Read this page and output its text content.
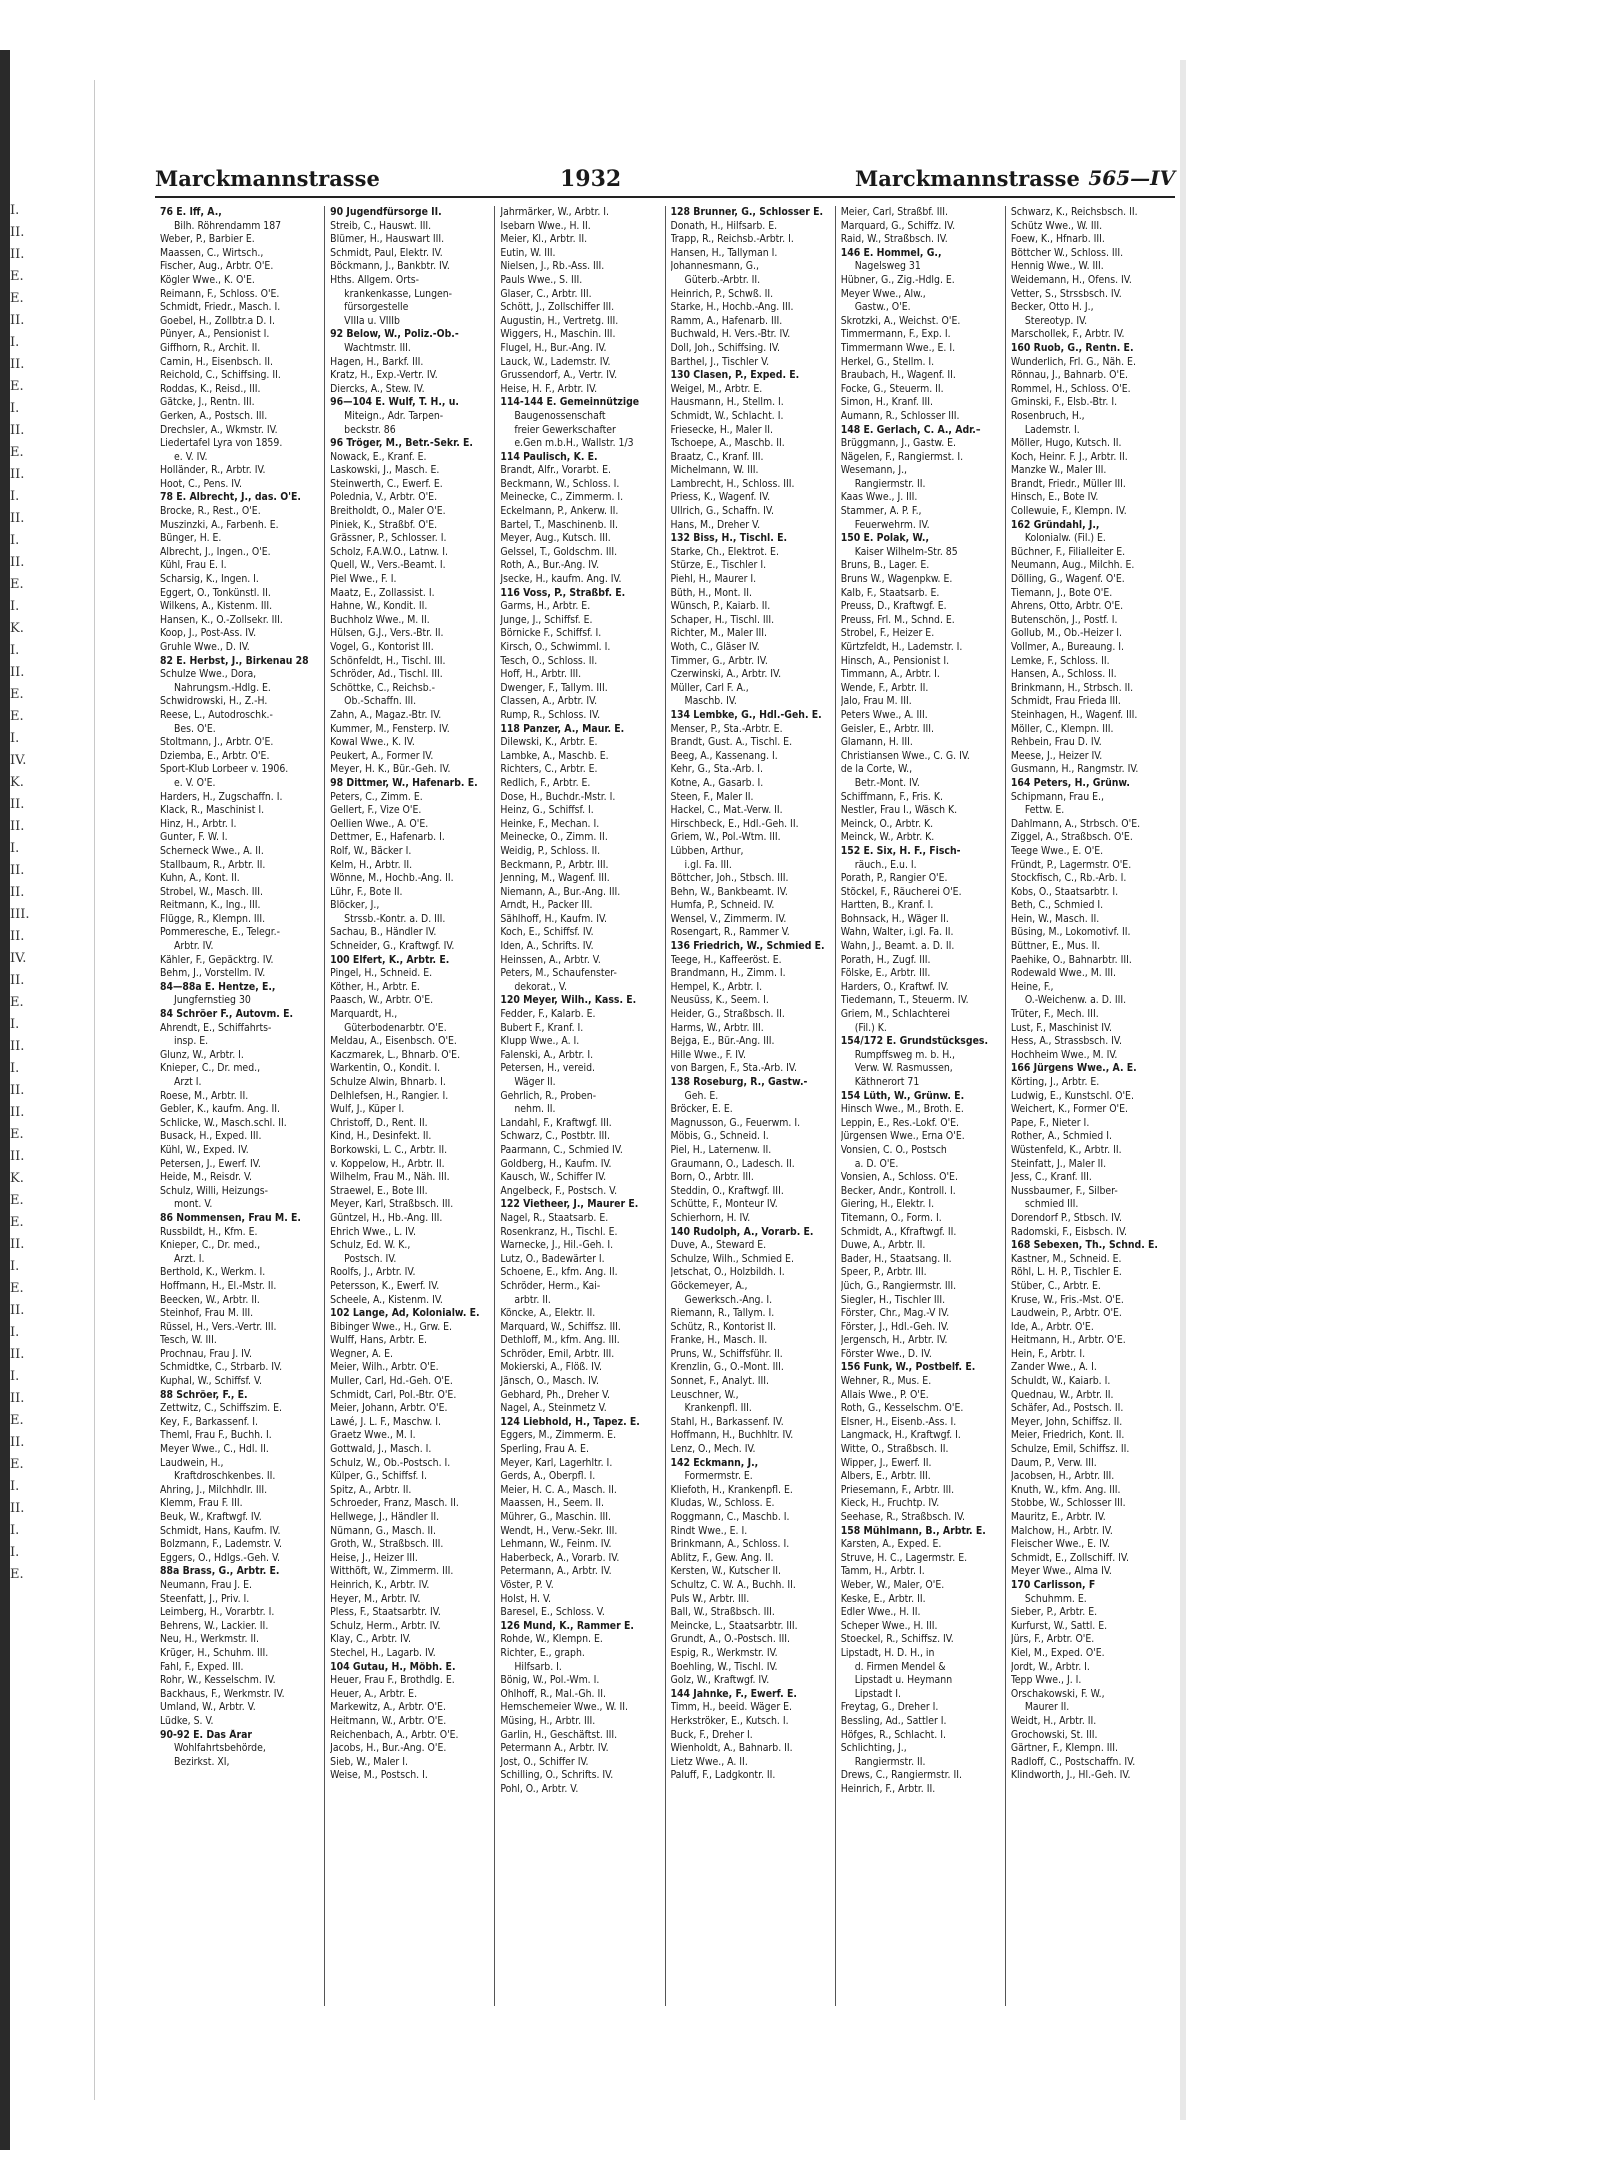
I.
II.
II.
E.
E.
II.
I.
II.
E.
I.
II.
E.
II.
I.
II.
I.
II.
E.
I.
K.
I.
II.
E.
E.
I.
IV.
K.
II.
II.
I.
II.
II.
III.
II.
IV.
II.
E.
I.
II.
I.
II.
II.
E.
II.
K.
E.
E.
II.
I.
E.
II.
I.
II.
I.
II.
E.
II.
E.
I.
II.
I.
I.
E.
Marckmannstrasse	1932	Marckmannstrasse 565—IV
76 E. Iff, A.,
Bilh. Röhrendamm 187
Weber, P., Barbier E.
Maassen, C., Wirtsch.,
Fischer, Aug., Arbtr. O'E.
Kögler Wwe., K. O'E.
Reimann, F., Schloss. O'E.
Schmidt, Friedr., Masch. I.
Goebel, H., Zollbtr.a D. I.
Pünyer, A., Pensionist I.
Giffhorn, R., Archit. II.
Camin, H., Eisenbsch. II.
Reichold, C., Schiffsing. II.
Roddas, K., Reisd., III.
Gätcke, J., Rentn. III.
Gerken, A., Postsch. III.
Drechsler, A., Wkmstr. IV.
Liedertafel Lyra von 1859.
e. V. IV.
Holländer, R., Arbtr. IV.
Hoot, C., Pens. IV.
78 E. Albrecht, J., das. O'E.
Brocke, R., Rest., O'E.
Muszinzki, A., Farbenh. E.
Bünger, H. E.
Albrecht, J., Ingen., O'E.
Kühl, Frau E. I.
Scharsig, K., Ingen. I.
Eggert, O., Tonkünstl. II.
Wilkens, A., Kistenm. III.
Hansen, K., O.-Zollsekr. III.
Koop, J., Post-Ass. IV.
Gruhle Wwe., D. IV.
82 E. Herbst, J., Birkenau 28
Schulze Wwe., Dora,
Nahrungsm.-Hdlg. E.
Schwidrowski, H., Z.-H.
Reese, L., Autodroschk.-
Bes. O'E.
Stoltmann, J., Arbtr. O'E.
Dziemba, E., Arbtr. O'E.
Sport-Klub Lorbeer v. 1906.
e. V. O'E.
Harders, H., Zugschaffn. I.
Klack, R., Maschinist I.
Hinz, H., Arbtr. I.
Gunter, F. W. I.
Scherneck Wwe., A. II.
Stallbaum, R., Arbtr. II.
Kuhn, A., Kont. II.
Strobel, W., Masch. III.
Reitmann, K., Ing., III.
Flügge, R., Klempn. III.
Pommeresche, E., Telegr.-
Arbtr. IV.
Kähler, F., Gepäcktrg. IV.
Behm, J., Vorstellm. IV.
84—88a E. Hentze, E.,
Jungfernstieg 30
84 Schröer F., Autovm. E.
Ahrendt, E., Schiffahrts-
insp. E.
Glunz, W., Arbtr. I.
Knieper, C., Dr. med.,
Arzt I.
Roese, M., Arbtr. II.
Gebler, K., kaufm. Ang. II.
Schlicke, W., Masch.schl. II.
Busack, H., Exped. III.
Kühl, W., Exped. IV.
Petersen, J., Ewerf. IV.
Heide, M., Reisdr. V.
Schulz, Willi, Heizungs-
mont. V.
86 Nommensen, Frau M. E.
Russbildt, H., Kfm. E.
Knieper, C., Dr. med.,
Arzt. I.
Berthold, K., Werkm. I.
Hoffmann, H., El.-Mstr. II.
Beecken, W., Arbtr. II.
Steinhof, Frau M. III.
Rüssel, H., Vers.-Vertr. III.
Tesch, W. III.
Prochnau, Frau J. IV.
Schmidtke, C., Strbarb. IV.
Kuphal, W., Schiffsf. V.
88 Schröer, F., E.
Zettwitz, C., Schiffszim. E.
Key, F., Barkassenf. I.
Theml, Frau F., Buchh. I.
Meyer Wwe., C., Hdl. II.
Laudwein, H.,
Kraftdroschkenbes. II.
Ahring, J., Milchhdlr. III.
Klemm, Frau F. III.
Beuk, W., Kraftwgf. IV.
Schmidt, Hans, Kaufm. IV.
Bolzmann, F., Lademstr. V.
Eggers, O., Hdlgs.-Geh. V.
88a Brass, G., Arbtr. E.
Neumann, Frau J. E.
Steenfatt, J., Priv. I.
Leimberg, H., Vorarbtr. I.
Behrens, W., Lackier. II.
Neu, H., Werkmstr. II.
Krüger, H., Schuhm. III.
Fahl, F., Exped. III.
Rohr, W., Kesselschm. IV.
Backhaus, F., Werkmstr. IV.
Umland, W., Arbtr. V.
Lüdke, S. V.
90-92 E. Das Ärar
Wohlfahrtsbehörde,
Bezirkst. XI,
90 Jugendfürsorge II.
Streib, C., Hauswt. III.
Blümer, H., Hauswart III.
Schmidt, Paul, Elektr. IV.
Böckmann, J., Bankbtr. IV.
Hths. Allgem. Orts-
krankenkasse, Lungen-
fürsorgestelle
VIIIa u. VIIIb
92 Below, W., Poliz.-Ob.-
Wachtmstr. III.
Hagen, H., Barkf. III.
Kratz, H., Exp.-Vertr. IV.
Diercks, A., Stew. IV.
96—104 E. Wulf, T. H., u.
Miteign., Adr. Tarpen-
beckstr. 86
96 Tröger, M., Betr.-Sekr. E.
Nowack, E., Kranf. E.
Laskowski, J., Masch. E.
Steinwerth, C., Ewerf. E.
Polednia, V., Arbtr. O'E.
Breitholdt, O., Maler O'E.
Piniek, K., Straßbf. O'E.
Grässner, P., Schlosser. I.
Scholz, F.A.W.O., Latnw. I.
Quell, W., Vers.-Beamt. I.
Piel Wwe., F. I.
Maatz, E., Zollassist. I.
Hahne, W., Kondit. II.
Buchholz Wwe., M. II.
Hülsen, G.J., Vers.-Btr. II.
Vogel, G., Kontorist III.
Schönfeldt, H., Tischl. III.
Schröder, Ad., Tischl. III.
Schöttke, C., Reichsb.-
Ob.-Schaffn. III.
Zahn, A., Magaz.-Btr. IV.
Kummer, M., Fensterp. IV.
Kowal Wwe., K. IV.
Peukert, A., Former IV.
Meyer, H. K., Bür.-Geh. IV.
98 Dittmer, W., Hafenarb. E.
Peters, C., Zimm. E.
Gellert, F., Vize O'E.
Oellien Wwe., A. O'E.
Dettmer, E., Hafenarb. I.
Rolf, W., Bäcker I.
Kelm, H., Arbtr. II.
Wönne, M., Hochb.-Ang. II.
Lühr, F., Bote II.
Blöcker, J.,
Strssb.-Kontr. a. D. III.
Sachau, B., Händler IV.
Schneider, G., Kraftwgf. IV.
100 Elfert, K., Arbtr. E.
Pingel, H., Schneid. E.
Köther, H., Arbtr. E.
Paasch, W., Arbtr. O'E.
Marquardt, H.,
Güterbodenarbtr. O'E.
Meldau, A., Eisenbsch. O'E.
Kaczmarek, L., Bhnarb. O'E.
Warkentin, O., Kondit. I.
Schulze Alwin, Bhnarb. I.
Delhlefsen, H., Rangier. I.
Wulf, J., Küper I.
Christoff, D., Rent. II.
Kind, H., Desinfekt. II.
Borkowski, L. C., Arbtr. II.
v. Koppelow, H., Arbtr. II.
Wilhelm, Frau M., Näh. III.
Straewel, E., Bote III.
Meyer, Karl, Straßbsch. III.
Güntzel, H., Hb.-Ang. III.
Ehrich Wwe., L. IV.
Schulz, Ed. W. K.,
Postsch. IV.
Roolfs, J., Arbtr. IV.
Petersson, K., Ewerf. IV.
Scheele, A., Kistenm. IV.
102 Lange, Ad, Kolonialw. E.
Bibinger Wwe., H., Grw. E.
Wulff, Hans, Arbtr. E.
Wegner, A. E.
Meier, Wilh., Arbtr. O'E.
Muller, Carl, Hd.-Geh. O'E.
Schmidt, Carl, Pol.-Btr. O'E.
Meier, Johann, Arbtr. O'E.
Lawé, J. L. F., Maschw. I.
Graetz Wwe., M. I.
Gottwald, J., Masch. I.
Schulz, W., Ob.-Postsch. I.
Külper, G., Schiffsf. I.
Spitz, A., Arbtr. II.
Schroeder, Franz, Masch. II.
Hellwege, J., Händler II.
Nümann, G., Masch. II.
Groth, W., Straßbsch. III.
Heise, J., Heizer III.
Witthöft, W., Zimmerm. III.
Heinrich, K., Arbtr. IV.
Heyer, M., Arbtr. IV.
Pless, F., Staatsarbtr. IV.
Schulz, Herm., Arbtr. IV.
Klay, C., Arbtr. IV.
Stechel, H., Lagarb. IV.
104 Gutau, H., Möbh. E.
Heuer, Frau F., Brothdlg. E.
Heuer, A., Arbtr. E.
Markewitz, A., Arbtr. O'E.
Heitmann, W., Arbtr. O'E.
Reichenbach, A., Arbtr. O'E.
Jacobs, H., Bur.-Ang. O'E.
Sieb, W., Maler I.
Weise, M., Postsch. I.
Jahrmärker, W., Arbtr. I.
Isebarn Wwe., H. II.
Meier, Kl., Arbtr. II.
Eutin, W. III.
Nielsen, J., Rb.-Ass. III.
Pauls Wwe., S. III.
Glaser, C., Arbtr. III.
Schött, J., Zollschiffer III.
Augustin, H., Vertretg. III.
Wiggers, H., Maschin. III.
Flugel, H., Bur.-Ang. IV.
Lauck, W., Lademstr. IV.
Grussendorf, A., Vertr. IV.
Heise, H. F., Arbtr. IV.
114-144 E. Gemeinnützige
Baugenossenschaft
freier Gewerkschafter
e.Gen m.b.H., Wallstr. 1/3
114 Paulisch, K. E.
Brandt, Alfr., Vorarbt. E.
Beckmann, W., Schloss. I.
Meinecke, C., Zimmerm. I.
Eckelmann, P., Ankerw. II.
Bartel, T., Maschinenb. II.
Meyer, Aug., Kutsch. III.
Gelssel, T., Goldschm. III.
Roth, A., Bur.-Ang. IV.
Jsecke, H., kaufm. Ang. IV.
116 Voss, P., Straßbf. E.
Garms, H., Arbtr. E.
Junge, J., Schiffsf. E.
Börnicke F., Schiffsf. I.
Kirsch, O., Schwimml. I.
Tesch, O., Schloss. II.
Hoff, H., Arbtr. III.
Dwenger, F., Tallym. III.
Classen, A., Arbtr. IV.
Rump, R., Schloss. IV.
118 Panzer, A., Maur. E.
Dilewski, K., Arbtr. E.
Lambke, A., Maschb. E.
Richters, C., Arbtr. E.
Redlich, F., Arbtr. E.
Dose, H., Buchdr.-Mstr. I.
Heinz, G., Schiffsf. I.
Heinke, F., Mechan. I.
Meinecke, O., Zimm. II.
Weidig, P., Schloss. II.
Beckmann, P., Arbtr. III.
Jenning, M., Wagenf. III.
Niemann, A., Bur.-Ang. III.
Arndt, H., Packer III.
Sählhoff, H., Kaufm. IV.
Koch, E., Schiffsf. IV.
Iden, A., Schrifts. IV.
Heinssen, A., Arbtr. V.
Peters, M., Schaufenster-
dekorat., V.
120 Meyer, Wilh., Kass. E.
Fedder, F., Kalarb. E.
Bubert F., Kranf. I.
Klupp Wwe., A. I.
Falenski, A., Arbtr. I.
Petersen, H., vereid.
Wäger II.
Gehrlich, R., Proben-
nehm. II.
Landahl, F., Kraftwgf. III.
Schwarz, C., Postbtr. III.
Paarmann, C., Schmied IV.
Goldberg, H., Kaufm. IV.
Kausch, W., Schiffer IV.
Angelbeck, F., Postsch. V.
122 Vietheer, J., Maurer E.
Nagel, R., Staatsarb. E.
Rosenkranz, H., Tischl. E.
Warnecke, J., Hil.-Geh. I.
Lutz, O., Badewärter I.
Schoene, E., kfm. Ang. II.
Schröder, Herm., Kai-
arbtr. II.
Köncke, A., Elektr. II.
Marquard, W., Schiffsz. III.
Dethloff, M., kfm. Ang. III.
Schröder, Emil, Arbtr. III.
Mokierski, A., Flöß. IV.
Jänsch, O., Masch. IV.
Gebhard, Ph., Dreher V.
Nagel, A., Steinmetz V.
124 Liebhold, H., Tapez. E.
Eggers, M., Zimmerm. E.
Sperling, Frau A. E.
Meyer, Karl, Lagerhltr. I.
Gerds, A., Oberpfl. I.
Meier, H. C. A., Masch. II.
Maassen, H., Seem. II.
Mührer, G., Maschin. III.
Wendt, H., Verw.-Sekr. III.
Lehmann, W., Feinm. IV.
Haberbeck, A., Vorarb. IV.
Petermann, A., Arbtr. IV.
Vöster, P. V.
Holst, H. V.
Baresel, E., Schloss. V.
126 Mund, K., Rammer E.
Rohde, W., Klempn. E.
Richter, E., graph.
Hilfsarb. I.
Bönig, W., Pol.-Wm. I.
Ohlhoff, R., Mal.-Gh. II.
Hemschemeier Wwe., W. II.
Müsing, H., Arbtr. III.
Garlin, H., Geschäftst. III.
Petermann A., Arbtr. IV.
Jost, O., Schiffer IV.
Schilling, O., Schrifts. IV.
Pohl, O., Arbtr. V.
128 Brunner, G., Schlosser E.
Donath, H., Hilfsarb. E.
Trapp, R., Reichsb.-Arbtr. I.
Hansen, H., Tallyman I.
Johannesmann, G.,
Güterb.-Arbtr. II.
Heinrich, P., Schwß. II.
Starke, H., Hochb.-Ang. III.
Ramm, A., Hafenarb. III.
Buchwald, H. Vers.-Btr. IV.
Doll, Joh., Schiffsing. IV.
Barthel, J., Tischler V.
130 Clasen, P., Exped. E.
Weigel, M., Arbtr. E.
Hausmann, H., Stellm. I.
Schmidt, W., Schlacht. I.
Friesecke, H., Maler II.
Tschoepe, A., Maschb. II.
Braatz, C., Kranf. III.
Michelmann, W. III.
Lambrecht, H., Schloss. III.
Priess, K., Wagenf. IV.
Ullrich, G., Schaffn. IV.
Hans, M., Dreher V.
132 Biss, H., Tischl. E.
Starke, Ch., Elektrot. E.
Stürze, E., Tischler I.
Piehl, H., Maurer I.
Büth, H., Mont. II.
Wünsch, P., Kaiarb. II.
Schaper, H., Tischl. III.
Richter, M., Maler III.
Woth, C., Gläser IV.
Timmer, G., Arbtr. IV.
Czerwinski, A., Arbtr. IV.
Müller, Carl F. A.,
Maschb. IV.
134 Lembke, G., Hdl.-Geh. E.
Menser, P., Sta.-Arbtr. E.
Brandt, Gust. A., Tischl. E.
Beeg, A., Kassenang. I.
Kehr, G., Sta.-Arb. I.
Kotne, A., Gasarb. I.
Steen, F., Maler II.
Hackel, C., Mat.-Verw. II.
Hirschbeck, E., Hdl.-Geh. II.
Griem, W., Pol.-Wtm. III.
Lübben, Arthur,
i.gl. Fa. III.
Böttcher, Joh., Stbsch. III.
Behn, W., Bankbeamt. IV.
Humfa, P., Schneid. IV.
Wensel, V., Zimmerm. IV.
Rosengart, R., Rammer V.
136 Friedrich, W., Schmied E.
Teege, H., Kaffeeröst. E.
Brandmann, H., Zimm. I.
Hempel, K., Arbtr. I.
Neusüss, K., Seem. I.
Heider, G., Straßbsch. II.
Harms, W., Arbtr. III.
Bejga, E., Bür.-Ang. III.
Hille Wwe., F. IV.
von Bargen, F., Sta.-Arb. IV.
138 Roseburg, R., Gastw.-
Geh. E.
Bröcker, E. E.
Magnusson, G., Feuerwm. I.
Möbis, G., Schneid. I.
Piel, H., Laternenw. II.
Graumann, O., Ladesch. II.
Born, O., Arbtr. III.
Steddin, O., Kraftwgf. III.
Schütte, F., Monteur IV.
Schierhorn, H. IV.
140 Rudolph, A., Vorarb. E.
Duve, A., Steward E.
Schulze, Wilh., Schmied E.
Jetschat, O., Holzbildh. I.
Göckemeyer, A.,
Gewerksch.-Ang. I.
Riemann, R., Tallym. I.
Schütz, R., Kontorist II.
Franke, H., Masch. II.
Pruns, W., Schiffsführ. II.
Krenzlin, G., O.-Mont. III.
Sonnet, F., Analyt. III.
Leuschner, W.,
Krankenpfl. III.
Stahl, H., Barkassenf. IV.
Hoffmann, H., Buchhltr. IV.
Lenz, O., Mech. IV.
142 Eckmann, J.,
Formermstr. E.
Kliefoth, H., Krankenpfl. E.
Kludas, W., Schloss. E.
Roggmann, C., Maschb. I.
Rindt Wwe., E. I.
Brinkmann, A., Schloss. I.
Ablitz, F., Gew. Ang. II.
Kersten, W., Kutscher II.
Schultz, C. W. A., Buchh. II.
Puls W., Arbtr. III.
Ball, W., Straßbsch. III.
Meincke, L., Staatsarbtr. III.
Grundt, A., O.-Postsch. III.
Espig, R., Werkmstr. IV.
Boehling, W., Tischl. IV.
Golz, W., Kraftwgf. IV.
144 Jahnke, F., Ewerf. E.
Timm, H., beeid. Wäger E.
Herkströker, E., Kutsch. I.
Buck, F., Dreher I.
Wienholdt, A., Bahnarb. II.
Lietz Wwe., A. II.
Paluff, F., Ladgkontr. II.
Meier, Carl, Straßbf. III.
Marquard, G., Schiffz. IV.
Raid, W., Straßbsch. IV.
146 E. Hommel, G.,
Nagelsweg 31
Hübner, G., Zig.-Hdlg. E.
Meyer Wwe., Alw.,
Gastw., O'E.
Skrotzki, A., Weichst. O'E.
Timmermann, F., Exp. I.
Timmermann Wwe., E. I.
Herkel, G., Stellm. I.
Braubach, H., Wagenf. II.
Focke, G., Steuerm. II.
Simon, H., Kranf. III.
Aumann, R., Schlosser III.
148 E. Gerlach, C. A., Adr.–
Brüggmann, J., Gastw. E.
Nägelen, F., Rangiermst. I.
Wesemann, J.,
Rangiermstr. II.
Kaas Wwe., J. III.
Stammer, A. P. F.,
Feuerwehrm. IV.
150 E. Polak, W.,
Kaiser Wilhelm-Str. 85
Bruns, B., Lager. E.
Bruns W., Wagenpkw. E.
Kalb, F., Staatsarb. E.
Preuss, D., Kraftwgf. E.
Preuss, Frl. M., Schnd. E.
Strobel, F., Heizer E.
Kürtzfeldt, H., Lademstr. I.
Hinsch, A., Pensionist I.
Timmann, A., Arbtr. I.
Wende, F., Arbtr. II.
Jalo, Frau M. III.
Peters Wwe., A. III.
Geisler, E., Arbtr. III.
Glamann, H. III.
Christiansen Wwe., C. G. IV.
de la Corte, W.,
Betr.-Mont. IV.
Schiffmann, F., Fris. K.
Nestler, Frau I., Wäsch K.
Meinck, O., Arbtr. K.
Meinck, W., Arbtr. K.
152 E. Six, H. F., Fisch-
räuch., E.u. I.
Porath, P., Rangier O'E.
Stöckel, F., Räucherei O'E.
Hartten, B., Kranf. I.
Bohnsack, H., Wäger II.
Wahn, Walter, i.gl. Fa. II.
Wahn, J., Beamt. a. D. II.
Porath, H., Zugf. III.
Fölske, E., Arbtr. III.
Harders, O., Kraftwf. IV.
Tiedemann, T., Steuerm. IV.
Griem, M., Schlachterei
(Fil.) K.
154/172 E. Grundstücksges.
Rumpffsweg m. b. H.,
Verw. W. Rasmussen,
Käthnerort 71
154 Lüth, W., Grünw. E.
Hinsch Wwe., M., Broth. E.
Leppin, E., Res.-Lokf. O'E.
Jürgensen Wwe., Erna O'E.
Vonsien, C. O., Postsch
a. D. O'E.
Vonsien, A., Schloss. O'E.
Becker, Andr., Kontroll. I.
Giering, H., Elektr. I.
Titemann, O., Form. I.
Schmidt, A., Kfraftwgf. II.
Duwe, A., Arbtr. II.
Bader, H., Staatsang. II.
Speer, P., Arbtr. III.
Jüch, G., Rangiermstr. III.
Siegler, H., Tischler III.
Förster, Chr., Mag.-V IV.
Förster, J., Hdl.-Geh. IV.
Jergensch, H., Arbtr. IV.
Förster Wwe., D. IV.
156 Funk, W., Postbelf. E.
Wehner, R., Mus. E.
Allais Wwe., P. O'E.
Roth, G., Kesselschm. O'E.
Elsner, H., Eisenb.-Ass. I.
Langmack, H., Kraftwgf. I.
Witte, O., Straßbsch. II.
Wipper, J., Ewerf. II.
Albers, E., Arbtr. III.
Priesemann, F., Arbtr. III.
Kieck, H., Fruchtp. IV.
Seehase, R., Straßbsch. IV.
158 Mühlmann, B., Arbtr. E.
Karsten, A., Exped. E.
Struve, H. C., Lagermstr. E.
Tamm, H., Arbtr. I.
Weber, W., Maler, O'E.
Keske, E., Arbtr. II.
Edler Wwe., H. II.
Scheper Wwe., H. III.
Stoeckel, R., Schiffsz. IV.
Lipstadt, H. D. H., in
d. Firmen Mendel &
Lipstadt u. Heymann
Lipstadt I.
Freytag, G., Dreher I.
Bessling, Ad., Sattler I.
Höfges, R., Schlacht. I.
Schlichting, J.,
Rangiermstr. II.
Drews, C., Rangiermstr. II.
Heinrich, F., Arbtr. II.
Schwarz, K., Reichsbsch. II.
Schütz Wwe., W. III.
Foew, K., Hfnarb. III.
Böttcher W., Schloss. III.
Hennig Wwe., W. III.
Weidemann, H., Ofens. IV.
Vetter, S., Strssbsch. IV.
Becker, Otto H. J.,
Stereotyp. IV.
Marschollek, F., Arbtr. IV.
160 Ruob, G., Rentn. E.
Wunderlich, Frl. G., Näh. E.
Rönnau, J., Bahnarb. O'E.
Rommel, H., Schloss. O'E.
Gminski, F., Elsb.-Btr. I.
Rosenbruch, H.,
Lademstr. I.
Möller, Hugo, Kutsch. II.
Koch, Heinr. F. J., Arbtr. II.
Manzke W., Maler III.
Brandt, Friedr., Müller III.
Hinsch, E., Bote IV.
Collewuie, F., Klempn. IV.
162 Gründahl, J.,
Kolonialw. (Fil.) E.
Büchner, F., Filialleiter E.
Neumann, Aug., Milchh. E.
Dölling, G., Wagenf. O'E.
Tiemann, J., Bote O'E.
Ahrens, Otto, Arbtr. O'E.
Butenschön, J., Postf. I.
Gollub, M., Ob.-Heizer I.
Vollmer, A., Bureaung. I.
Lemke, F., Schloss. II.
Hansen, A., Schloss. II.
Brinkmann, H., Strbsch. II.
Schmidt, Frau Frieda III.
Steinhagen, H., Wagenf. III.
Möller, C., Klempn. III.
Rehbein, Frau D. IV.
Meese, J., Heizer IV.
Gusmann, H., Rangmstr. IV.
164 Peters, H., Grünw.
Schipmann, Frau E.,
Fettw. E.
Dahlmann, A., Strbsch. O'E.
Ziggel, A., Straßbsch. O'E.
Teege Wwe., E. O'E.
Fründt, P., Lagermstr. O'E.
Stockfisch, C., Rb.-Arb. I.
Kobs, O., Staatsarbtr. I.
Beth, C., Schmied I.
Hein, W., Masch. II.
Büsing, M., Lokomotivf. II.
Büttner, E., Mus. II.
Paehike, O., Bahnarbtr. III.
Rodewald Wwe., M. III.
Heine, F.,
O.-Weichenw. a. D. III.
Trüter, F., Mech. III.
Lust, F., Maschinist IV.
Hess, A., Strassbsch. IV.
Hochheim Wwe., M. IV.
166 Jürgens Wwe., A. E.
Körting, J., Arbtr. E.
Ludwig, E., Kunstschl. O'E.
Weichert, K., Former O'E.
Pape, F., Nieter I.
Rother, A., Schmied I.
Wüstenfeld, K., Arbtr. II.
Steinfatt, J., Maler II.
Jess, C., Kranf. III.
Nussbaumer, F., Silber-
schmied III.
Dorendorf P., Stbsch. IV.
Radomski, F., Eisbsch. IV.
168 Sebexen, Th., Schnd. E.
Kastner, M., Schneid. E.
Röhl, L. H. P., Tischler E.
Stüber, C., Arbtr. E.
Kruse, W., Fris.-Mst. O'E.
Laudwein, P., Arbtr. O'E.
Ide, A., Arbtr. O'E.
Heitmann, H., Arbtr. O'E.
Hein, F., Arbtr. I.
Zander Wwe., A. I.
Schuldt, W., Kaiarb. I.
Quednau, W., Arbtr. II.
Schäfer, Ad., Postsch. II.
Meyer, John, Schiffsz. II.
Meier, Friedrich, Kont. II.
Schulze, Emil, Schiffsz. II.
Daum, P., Verw. III.
Jacobsen, H., Arbtr. III.
Knuth, W., kfm. Ang. III.
Stobbe, W., Schlosser III.
Mauritz, E., Arbtr. IV.
Malchow, H., Arbtr. IV.
Fleischer Wwe., E. IV.
Schmidt, E., Zollschiff. IV.
Meyer Wwe., Alma IV.
170 Carlisson, F
Schuhmm. E.
Sieber, P., Arbtr. E.
Kurfurst, W., Sattl. E.
Jürs, F., Arbtr. O'E.
Kiel, M., Exped. O'E.
Jordt, W., Arbtr. I.
Tepp Wwe., J. I.
Orschakowski, F. W.,
Maurer II.
Weidt, H., Arbtr. II.
Grochowski, St. III.
Gärtner, F., Klempn. III.
Radloff, C., Postschaffn. IV.
Klindworth, J., Hl.-Geh. IV.
